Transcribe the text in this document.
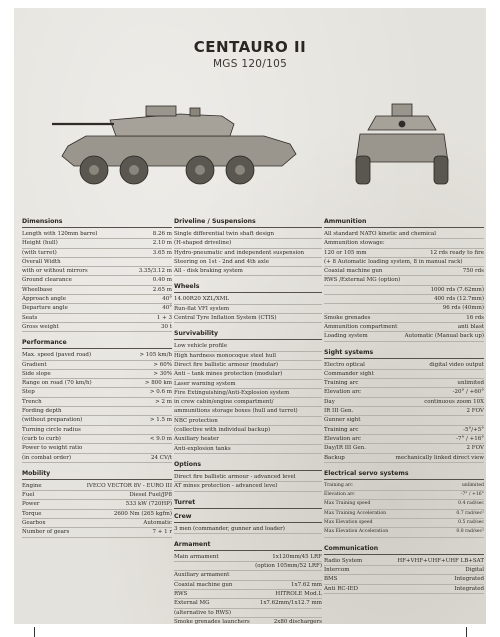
CENTAURO II
MGS 120/105
Dimensions
Length with 120mm barrel	8.26 m
Height (hull)	2.10 m
(with turret)	3.65 m
Overall Width
with or without mirrors	3.35/3.12 m
Ground clearance	0.40 m
Wheelbase	2.65 m
Approach angle	40°
Departure angle	40°
Seats	1 + 3
Gross weight	30 t
Performance
Max. speed (paved road)	> 105 km/h
Gradient	> 60%
Side slope	> 30%
Range on road (70 km/h)	> 800 km
Step	> 0.6 m
Trench	> 2 m
Fording depth
(without preparation)	> 1.5 m
Turning circle radius
(curb to curb)	< 9.0 m
Power to weight ratio
(in combat order)	24 CV/t
Mobility
Engine	IVECO VECTOR 8V - EURO III
Fuel	Diesel Fuel/JP8
Power	533 kW (720HP)
Torque	2600 Nm (265 kgfm)
Gearbox	Automatic
Number of gears	7 + 1 r
Driveline / Suspensions
Single differential twin shaft design
(H-shaped driveline)
Hydro-pneumatic and independent suspension
Steering on 1st - 2nd and 4th axle
All - disk braking system
Wheels
14.00R20 XZL/XML
Run-flat VFI system
Central Tyre Inflation System (CTIS)
Survivability
Low vehicle profile
High hardness monocoque steel hull
Direct fire ballistic armour (modular)
Anti – tank mines protection (modular)
Laser warning system
Fire Extinguishing/Anti-Explosion system
in crew cabin/engine compartment/
ammunitions storage boxes (hull and turret)
NBC protection
(collective with individual backup)
Auxiliary heater
Anti-explosion tanks
Options
Direct fire ballistic armour - advanced level
AT mines protection - advanced level
Turret
Crew
3 men (commander, gunner and loader)
Armament
Main armament	1x120mm/45 LRF
(option 105mm/52 LRF)
Auxiliary armament
Coaxial machine gun	1x7.62 mm
RWS	HITROLE Mod.L
External MG	1x7.62mm/1x12.7 mm
(alternative to RWS)
Smoke grenades launchers	2x80 dischargers
Ammunition
All standard NATO kinetic and chemical
Ammunition stowage:
120 or 105 mm	12 rds ready to fire
(+ 8 Automatic loading system, 8 in manual rack)
Coaxial machine gun	750 rds
RWS /External MG (option)
1000 rds (7.62mm)
400 rds (12.7mm)
96 rds (40mm)
Smoke grenades	16 rds
Ammunition compartment	anti blast
Loading system	Automatic (Manual back up)
Sight systems
Electro optical	digital video output
Commander sight
Training arc	unlimited
Elevation arc	-20° / +60°
Day	continuous zoom 10X
IR III Gen.	2 FOV
Gunner sight
Training arc	-5°/+5°
Elevation arc	-7° / +16°
Day/IR III Gen.	2 FOV
Backup	mechanically linked direct view
Electrical servo systems
Training arc	unlimited
Elevation arc	-7° / +16°
Max Training speed	0.4 rad/sec
Max Training Acceleration	0.7 rad/sec²
Max Elevation speed	0.5 rad/sec
Max Elevation Acceleration	0.8 rad/sec²
Communication
Radio System	HF+VHF+UHF+UHF LB+SAT
Intercom	Digital
BMS	Integrated
Anti RC-IED	Integrated
